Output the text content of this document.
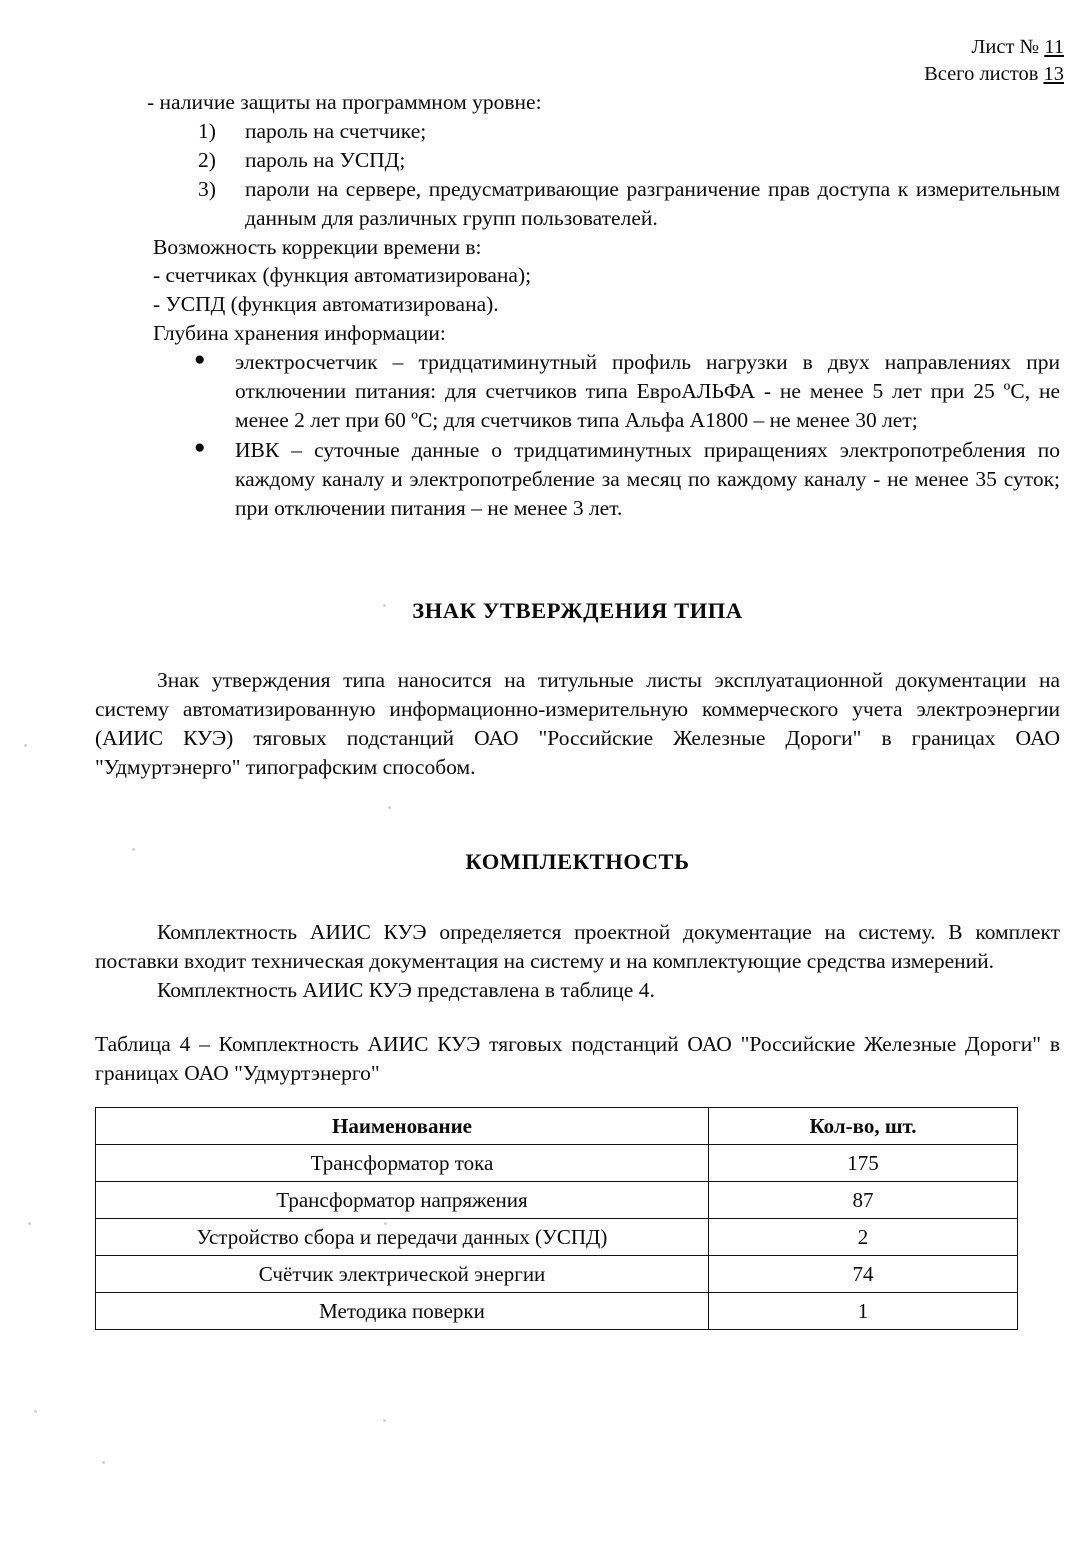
Лист № 11
Всего листов 13

- наличие защиты на программном уровне:

1) пароль на счетчике;
2) пароль на УСПД;
3) пароли на сервере, предусматривающие разграничение прав доступа к измерительным данным для различных групп пользователей.

Возможность коррекции времени в:

- счетчиках (функция автоматизирована);

- УСПД (функция автоматизирована).

Глубина хранения информации:

● электросчетчик – тридцатиминутный профиль нагрузки в двух направлениях при отключении питания: для счетчиков типа ЕвроАЛЬФА - не менее 5 лет при 25 ºС, не менее 2 лет при 60 ºС; для счетчиков типа Альфа А1800 – не менее 30 лет;
● ИВК – суточные данные о тридцатиминутных приращениях электропотребления по каждому каналу и электропотребление за месяц по каждому каналу - не менее 35 суток; при отключении питания – не менее 3 лет.

ЗНАК УТВЕРЖДЕНИЯ ТИПА

Знак утверждения типа наносится на титульные листы эксплуатационной документации на систему автоматизированную информационно-измерительную коммерческого учета электроэнергии (АИИС КУЭ) тяговых подстанций ОАО "Российские Железные Дороги" в границах ОАО "Удмуртэнерго" типографским способом.

КОМПЛЕКТНОСТЬ

Комплектность АИИС КУЭ определяется проектной документацие на систему. В комплект поставки входит техническая документация на систему и на комплектующие средства измерений.

Комплектность АИИС КУЭ представлена в таблице 4.

Таблица 4 – Комплектность АИИС КУЭ тяговых подстанций ОАО "Российские Железные Дороги" в границах ОАО "Удмуртэнерго"

Наименование	Кол-во, шт.
Трансформатор тока	175
Трансформатор напряжения	87
Устройство сбора и передачи данных (УСПД)	2
Счётчик электрической энергии	74
Методика поверки	1
